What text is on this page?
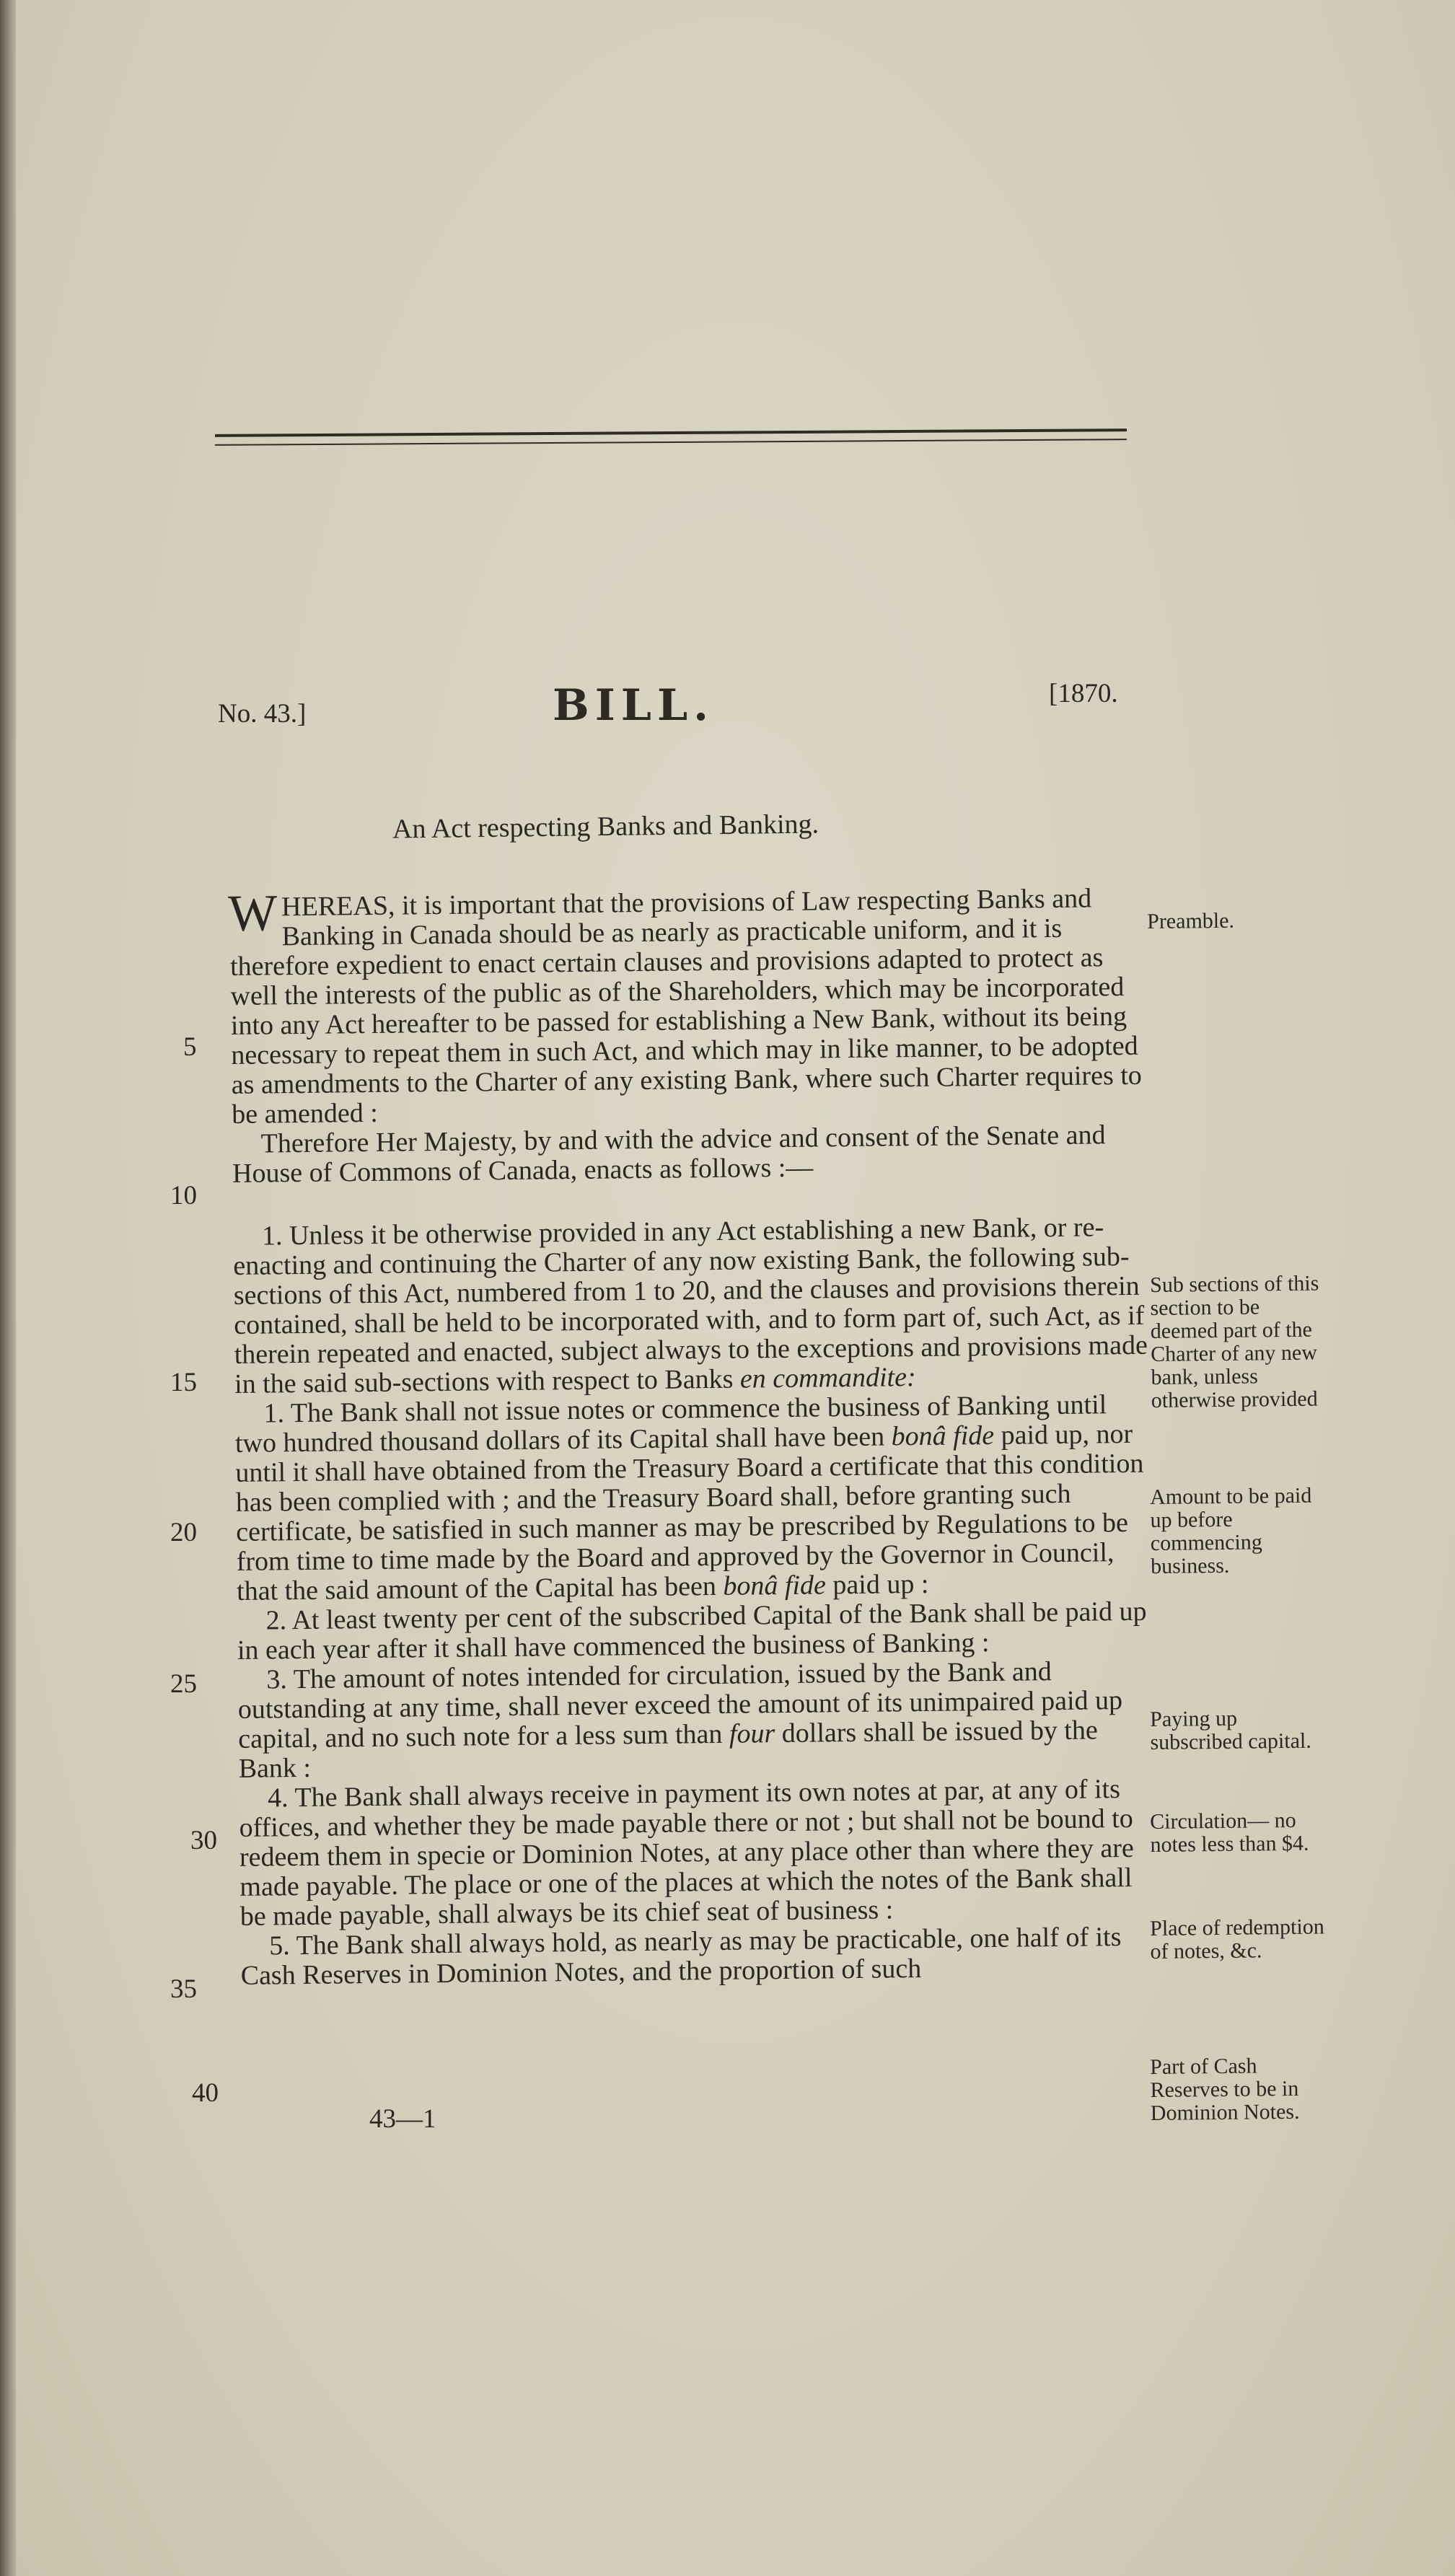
No. 43.]	BILL.	[1870.
An Act respecting Banks and Banking.

WHEREAS, it is important that the provisions of Law respecting Banks and Banking in Canada should be as nearly as practicable uniform, and it is therefore expedient to enact certain clauses and provisions adapted to protect as well the interests of the public as of the Shareholders, which may be incorporated into any Act hereafter to be passed for establishing a New Bank, without its being necessary to repeat them in such Act, and which may in like manner, to be adopted as amendments to the Charter of any existing Bank, where such Charter requires to be amended :

Therefore Her Majesty, by and with the advice and consent of the Senate and House of Commons of Canada, enacts as follows :—

1. Unless it be otherwise provided in any Act establishing a new Bank, or re-enacting and continuing the Charter of any now existing Bank, the following sub-sections of this Act, numbered from 1 to 20, and the clauses and provisions therein contained, shall be held to be incorporated with, and to form part of, such Act, as if therein repeated and enacted, subject always to the exceptions and provisions made in the said sub-sections with respect to Banks en commandite:

1. The Bank shall not issue notes or commence the business of Banking until two hundred thousand dollars of its Capital shall have been bonâ fide paid up, nor until it shall have obtained from the Treasury Board a certificate that this condition has been complied with ; and the Treasury Board shall, before granting such certificate, be satisfied in such manner as may be prescribed by Regulations to be from time to time made by the Board and approved by the Governor in Council, that the said amount of the Capital has been bonâ fide paid up :

2. At least twenty per cent of the subscribed Capital of the Bank shall be paid up in each year after it shall have commenced the business of Banking :

3. The amount of notes intended for circulation, issued by the Bank and outstanding at any time, shall never exceed the amount of its unimpaired paid up capital, and no such note for a less sum than four dollars shall be issued by the Bank :

4. The Bank shall always receive in payment its own notes at par, at any of its offices, and whether they be made payable there or not ; but shall not be bound to redeem them in specie or Dominion Notes, at any place other than where they are made payable. The place or one of the places at which the notes of the Bank shall be made payable, shall always be its chief seat of business :

5. The Bank shall always hold, as nearly as may be practicable, one half of its Cash Reserves in Dominion Notes, and the proportion of such

5
10
15
20
25
30
35
40
Preamble.
Sub sections of this section to be deemed part of the Charter of any new bank, unless otherwise provided
Amount to be paid up before commencing business.
Paying up subscribed capital.
Circulation— no notes less than $4.
Place of redemption of notes, &c.
Part of Cash Reserves to be in Dominion Notes.
43—1
